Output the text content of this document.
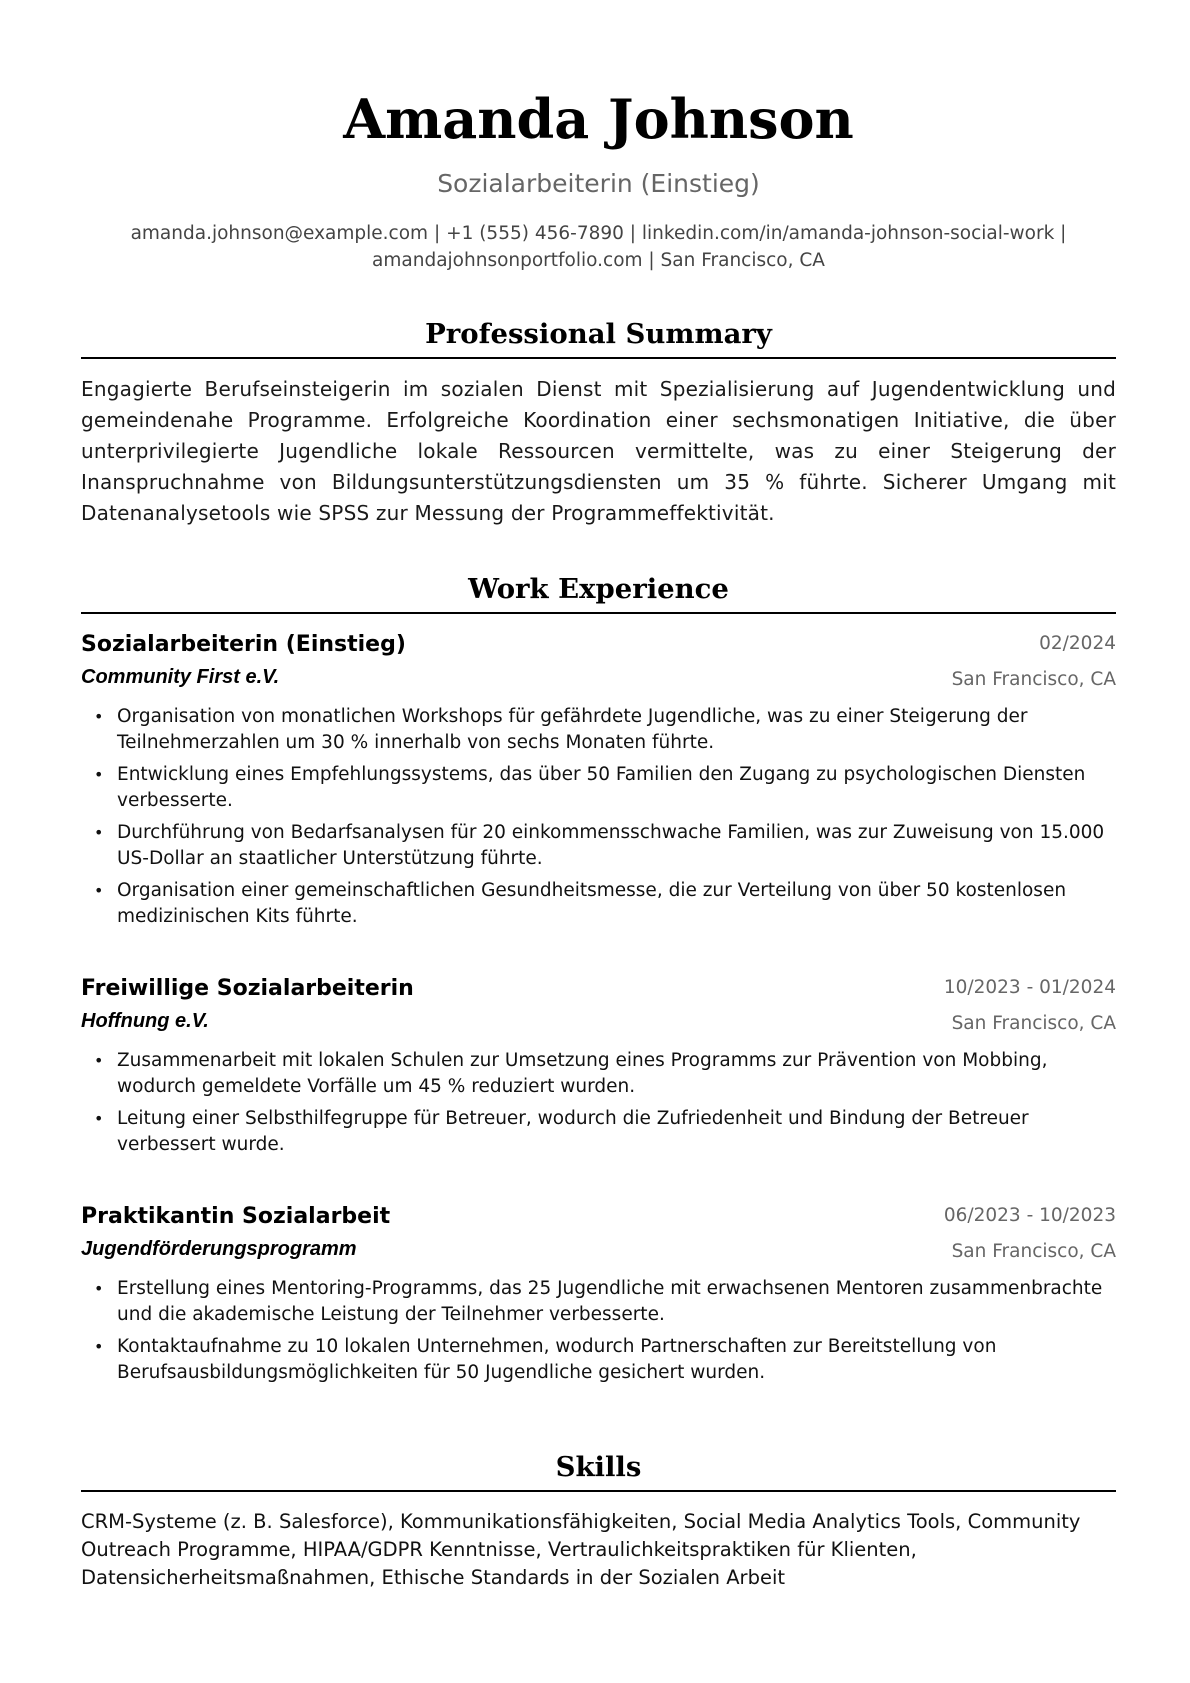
Amanda Johnson
Sozialarbeiterin (Einstieg)
amanda.johnson@example.com | +1 (555) 456-7890 | linkedin.com/in/amanda-johnson-social-work |
amandajohnsonportfolio.com | San Francisco, CA
Professional Summary
Engagierte Berufseinsteigerin im sozialen Dienst mit Spezialisierung auf Jugendentwicklung und gemeindenahe Programme. Erfolgreiche Koordination einer sechsmonatigen Initiative, die über unterprivilegierte Jugendliche lokale Ressourcen vermittelte, was zu einer Steigerung der Inanspruchnahme von Bildungsunterstützungsdiensten um 35 % führte. Sicherer Umgang mit Datenanalysetools wie SPSS zur Messung der Programmeffektivität.
Work Experience
Sozialarbeiterin (Einstieg)	02/2024
Community First e.V.	San Francisco, CA
• Organisation von monatlichen Workshops für gefährdete Jugendliche, was zu einer Steigerung der Teilnehmerzahlen um 30 % innerhalb von sechs Monaten führte.
• Entwicklung eines Empfehlungssystems, das über 50 Familien den Zugang zu psychologischen Diensten verbesserte.
• Durchführung von Bedarfsanalysen für 20 einkommensschwache Familien, was zur Zuweisung von 15.000 US-Dollar an staatlicher Unterstützung führte.
• Organisation einer gemeinschaftlichen Gesundheitsmesse, die zur Verteilung von über 50 kostenlosen medizinischen Kits führte.
Freiwillige Sozialarbeiterin	10/2023 - 01/2024
Hoffnung e.V.	San Francisco, CA
• Zusammenarbeit mit lokalen Schulen zur Umsetzung eines Programms zur Prävention von Mobbing, wodurch gemeldete Vorfälle um 45 % reduziert wurden.
• Leitung einer Selbsthilfegruppe für Betreuer, wodurch die Zufriedenheit und Bindung der Betreuer verbessert wurde.
Praktikantin Sozialarbeit	06/2023 - 10/2023
Jugendförderungsprogramm	San Francisco, CA
• Erstellung eines Mentoring-Programms, das 25 Jugendliche mit erwachsenen Mentoren zusammenbrachte und die akademische Leistung der Teilnehmer verbesserte.
• Kontaktaufnahme zu 10 lokalen Unternehmen, wodurch Partnerschaften zur Bereitstellung von Berufsausbildungsmöglichkeiten für 50 Jugendliche gesichert wurden.
Skills
CRM-Systeme (z. B. Salesforce), Kommunikationsfähigkeiten, Social Media Analytics Tools, Community Outreach Programme, HIPAA/GDPR Kenntnisse, Vertraulichkeitspraktiken für Klienten, Datensicherheitsmaßnahmen, Ethische Standards in der Sozialen Arbeit
